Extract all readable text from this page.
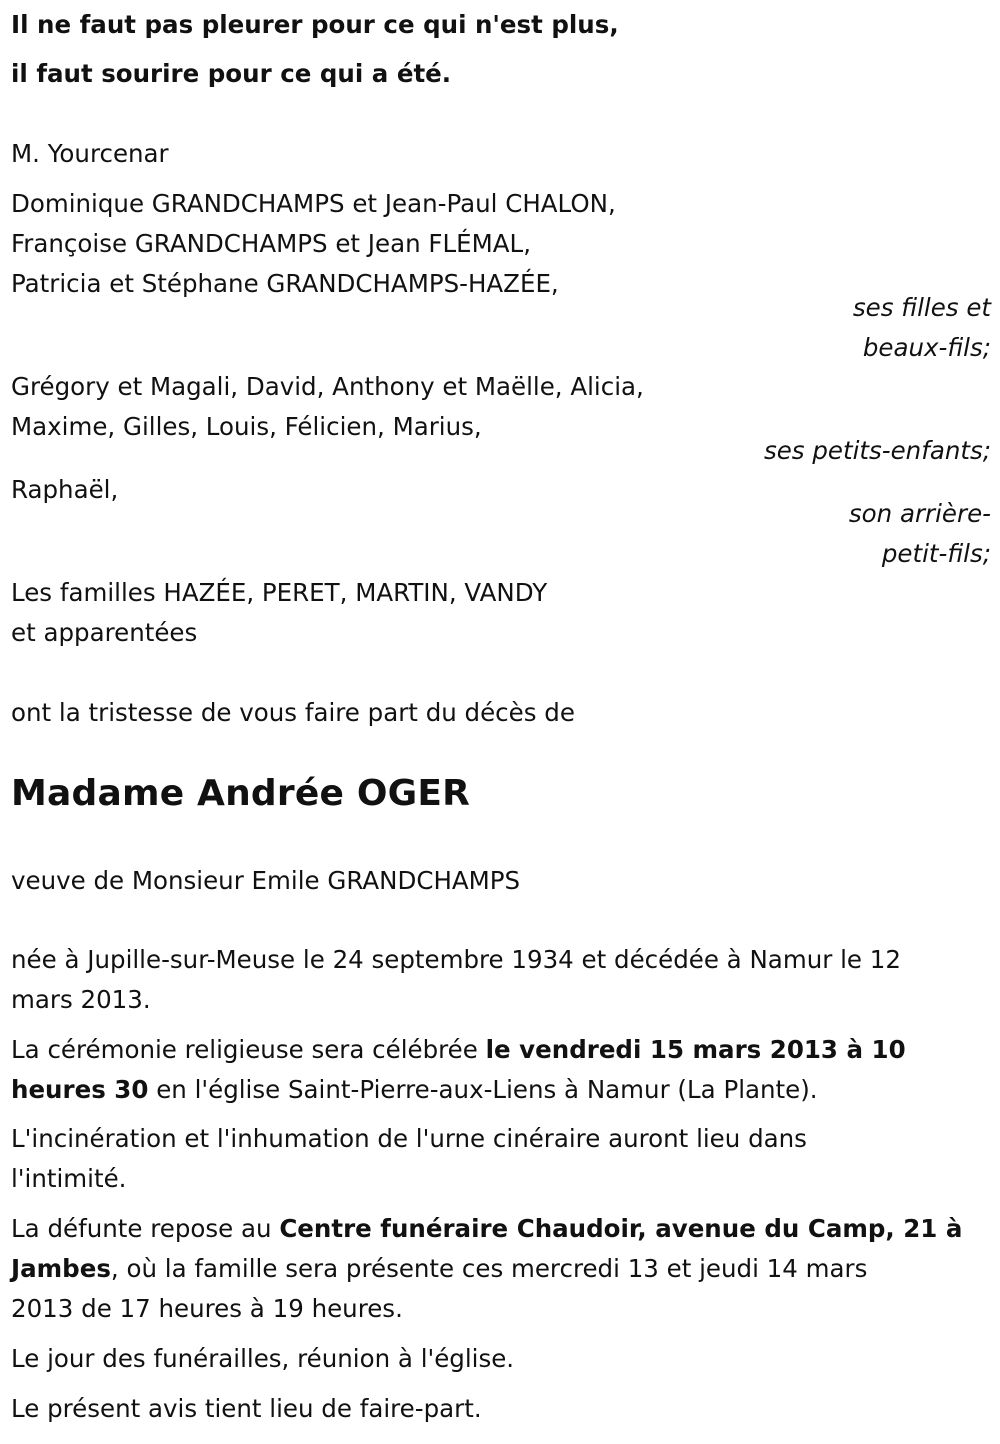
Il ne faut pas pleurer pour ce qui n'est plus,
il faut sourire pour ce qui a été.
M. Yourcenar
Dominique GRANDCHAMPS et Jean-Paul CHALON,
Françoise GRANDCHAMPS et Jean FLÉMAL,
Patricia et Stéphane GRANDCHAMPS-HAZÉE,
ses filles et
beaux-fils;
Grégory et Magali, David, Anthony et Maëlle, Alicia,
Maxime, Gilles, Louis, Félicien, Marius,
ses petits-enfants;
Raphaël,
son arrière-
petit-fils;
Les familles HAZÉE, PERET, MARTIN, VANDY
et apparentées
ont la tristesse de vous faire part du décès de
Madame Andrée OGER
veuve de Monsieur Emile GRANDCHAMPS
née à Jupille-sur-Meuse le 24 septembre 1934 et décédée à Namur le 12
mars 2013.
La cérémonie religieuse sera célébrée le vendredi 15 mars 2013 à 10
heures 30 en l'église Saint-Pierre-aux-Liens à Namur (La Plante).
L'incinération et l'inhumation de l'urne cinéraire auront lieu dans
l'intimité.
La défunte repose au Centre funéraire Chaudoir, avenue du Camp, 21 à
Jambes, où la famille sera présente ces mercredi 13 et jeudi 14 mars
2013 de 17 heures à 19 heures.
Le jour des funérailles, réunion à l'église.
Le présent avis tient lieu de faire-part.
